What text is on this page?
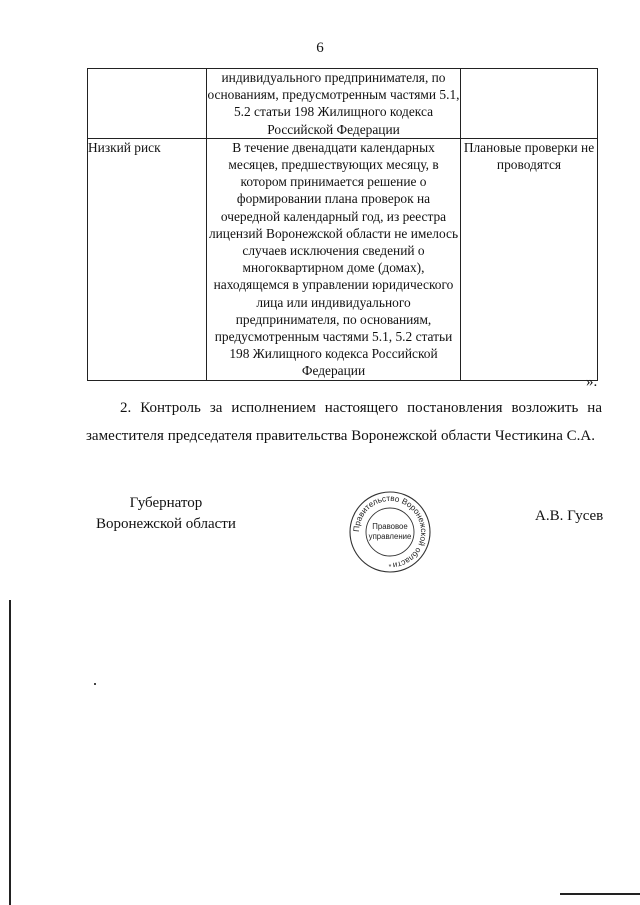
6
	индивидуального предпринимателя, по основаниям, предусмотренным частями 5.1, 5.2 статьи 198 Жилищного кодекса Российской Федерации	
Низкий риск	В течение двенадцати календарных месяцев, предшествующих месяцу, в котором принимается решение о формировании плана проверок на очередной календарный год, из реестра лицензий Воронежской области не имелось случаев исключения сведений о многоквартирном доме (домах), находящемся в управлении юридического лица или индивидуального предпринимателя, по основаниям, предусмотренным частями 5.1, 5.2 статьи 198 Жилищного кодекса Российской Федерации	Плановые проверки не проводятся
».
2. Контроль за исполнением настоящего постановления возложить на заместителя председателя правительства Воронежской области Честикина С.А.
Губернатор
Воронежской области	Правительство Воронежской области
Правовое
управление
*
А.В. Гусев
